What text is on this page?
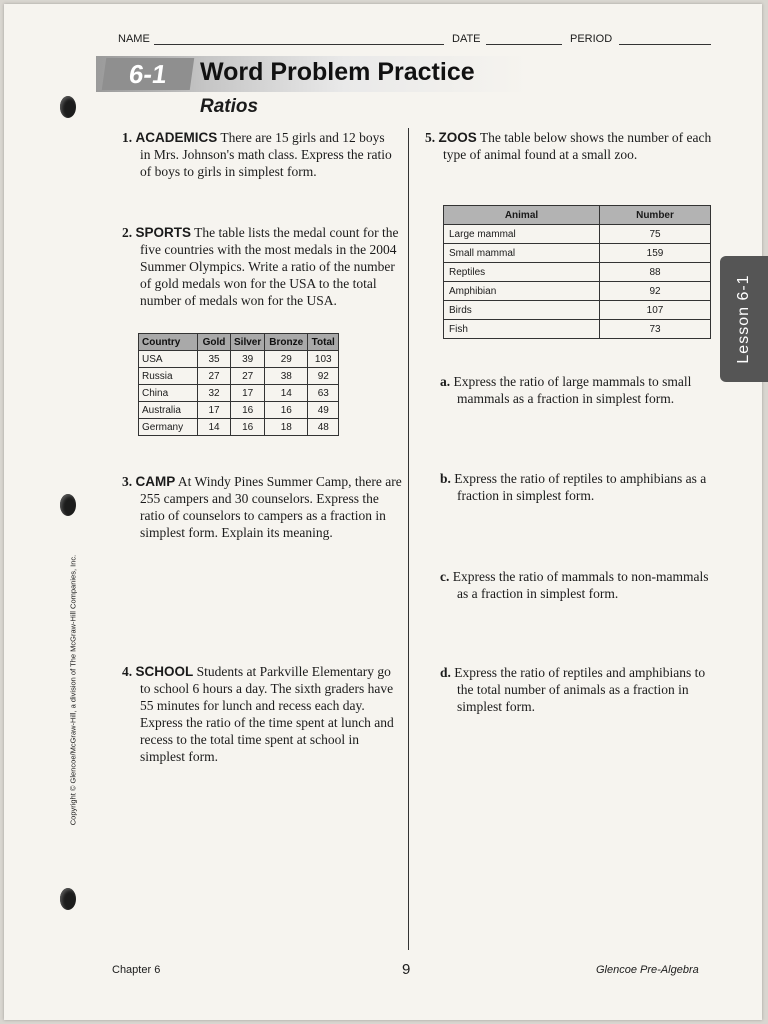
NAME	DATE	PERIOD
6-1	Word Problem Practice
Ratios
1. ACADEMICS There are 15 girls and 12 boys in Mrs. Johnson's math class. Express the ratio of boys to girls in simplest form.
2. SPORTS The table lists the medal count for the five countries with the most medals in the 2004 Summer Olympics. Write a ratio of the number of gold medals won for the USA to the total number of medals won for the USA.
Country	Gold	Silver	Bronze	Total
USA	35	39	29	103
Russia	27	27	38	92
China	32	17	14	63
Australia	17	16	16	49
Germany	14	16	18	48
3. CAMP At Windy Pines Summer Camp, there are 255 campers and 30 counselors. Express the ratio of counselors to campers as a fraction in simplest form. Explain its meaning.
4. SCHOOL Students at Parkville Elementary go to school 6 hours a day. The sixth graders have 55 minutes for lunch and recess each day. Express the ratio of the time spent at lunch and recess to the total time spent at school in simplest form.
5. ZOOS The table below shows the number of each type of animal found at a small zoo.
Animal	Number
Large mammal	75
Small mammal	159
Reptiles	88
Amphibian	92
Birds	107
Fish	73
a. Express the ratio of large mammals to small mammals as a fraction in simplest form.
b. Express the ratio of reptiles to amphibians as a fraction in simplest form.
c. Express the ratio of mammals to non-mammals as a fraction in simplest form.
d. Express the ratio of reptiles and amphibians to the total number of animals as a fraction in simplest form.
Lesson 6-1
Copyright © Glencoe/McGraw-Hill, a division of The McGraw-Hill Companies, Inc.
Chapter 6	9	Glencoe Pre-Algebra
